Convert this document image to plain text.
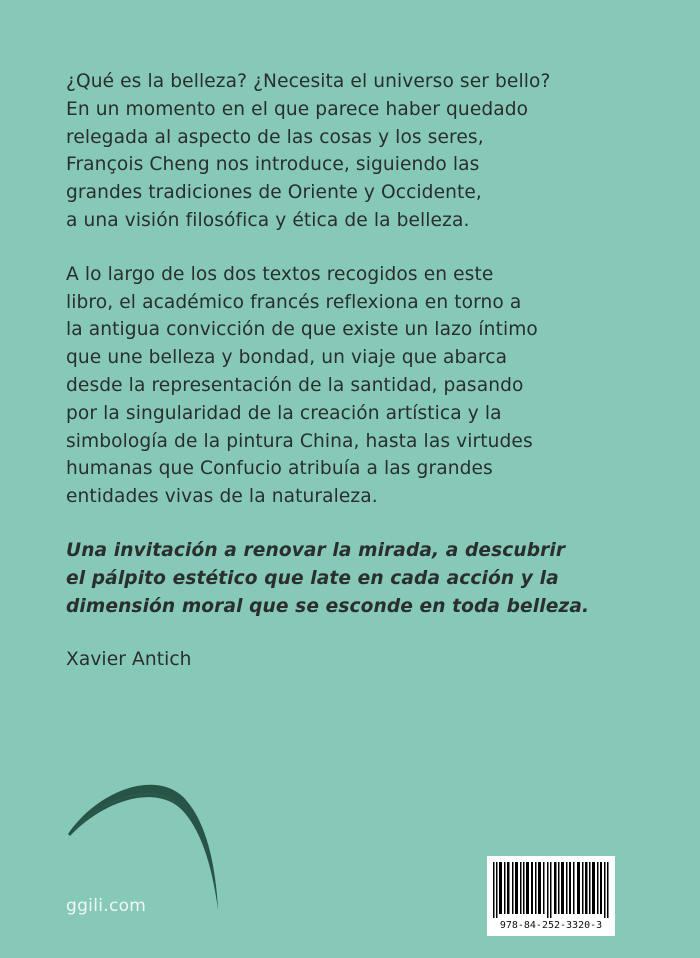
¿Qué es la belleza? ¿Necesita el universo ser bello?
En un momento en el que parece haber quedado
relegada al aspecto de las cosas y los seres,
François Cheng nos introduce, siguiendo las
grandes tradiciones de Oriente y Occidente,
a una visión filosófica y ética de la belleza.

A lo largo de los dos textos recogidos en este
libro, el académico francés reflexiona en torno a
la antigua convicción de que existe un lazo íntimo
que une belleza y bondad, un viaje que abarca
desde la representación de la santidad, pasando
por la singularidad de la creación artística y la
simbología de la pintura China, hasta las virtudes
humanas que Confucio atribuía a las grandes
entidades vivas de la naturaleza.

Una invitación a renovar la mirada, a descubrir
el pálpito estético que late en cada acción y la
dimensión moral que se esconde en toda belleza.

Xavier Antich

ggili.com
978-84-252-3320-3
